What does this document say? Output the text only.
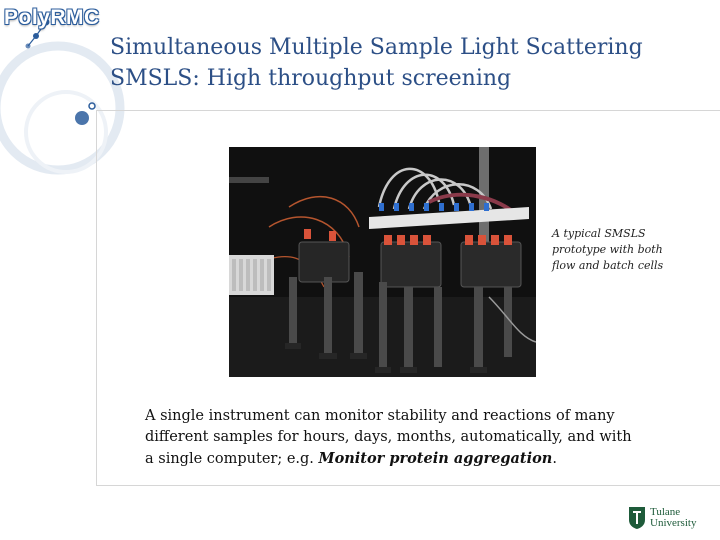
PolyRMC
Simultaneous Multiple Sample Light Scattering
SMSLS: High throughput screening
A typical SMSLS
prototype with both
flow and batch cells
A single instrument can monitor stability and reactions of many
different samples for hours, days, months, automatically, and with
a single computer; e.g. Monitor protein aggregation.
Tulane
University
